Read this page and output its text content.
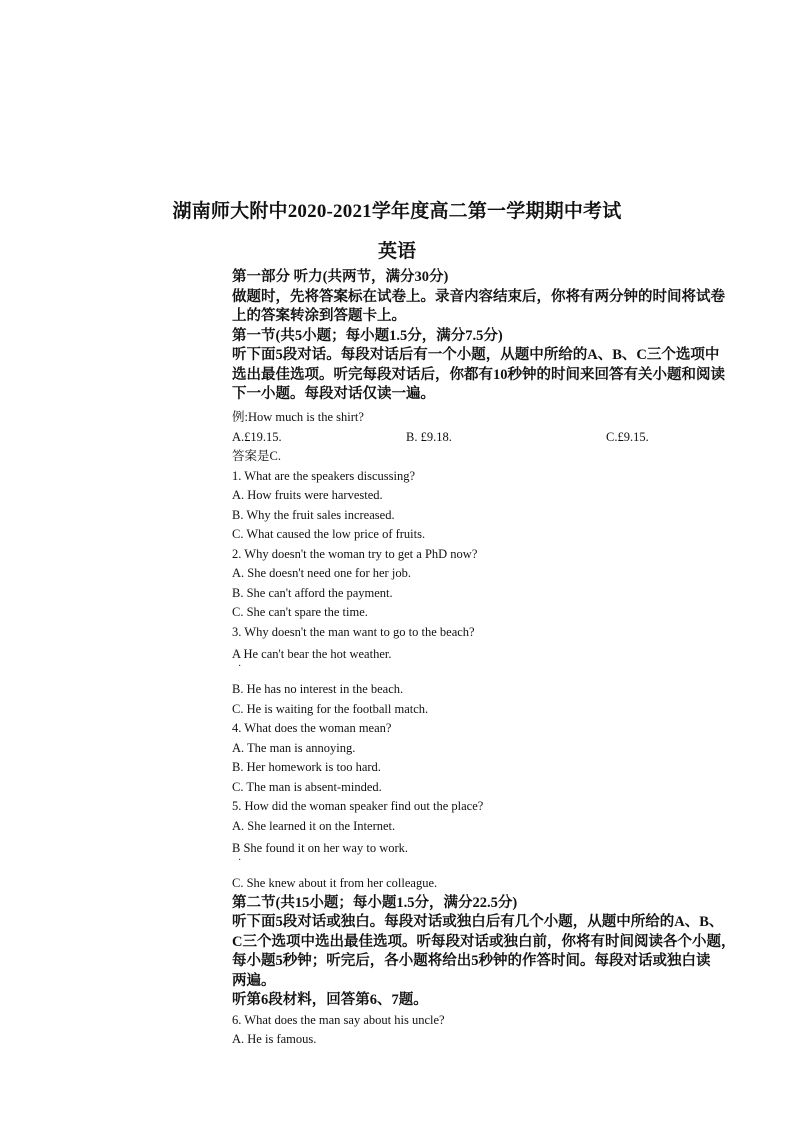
湖南师大附中2020-2021学年度高二第一学期期中考试
英语

第一部分 听力(共两节，满分30分)

做题时，先将答案标在试卷上。录音内容结束后，你将有两分钟的时间将试卷

上的答案转涂到答题卡上。

第一节(共5小题；每小题1.5分，满分7.5分)

听下面5段对话。每段对话后有一个小题，从题中所给的A、B、C三个选项中

选出最佳选项。听完每段对话后，你都有10秒钟的时间来回答有关小题和阅读

下一小题。每段对话仅读一遍。

例:How much is the shirt?

A.£19.15.	B. £9.18.	C.£9.15.

答案是C.

1. What are the speakers discussing?

A. How fruits were harvested.

B. Why the fruit sales increased.

C. What caused the low price of fruits.

2. Why doesn't the woman try to get a PhD now?

A. She doesn't need one for her job.

B. She can't afford the payment.

C. She can't spare the time.

3. Why doesn't the man want to go to the beach?

A He can't bear the hot weather.
·

B. He has no interest in the beach.

C. He is waiting for the football match.

4. What does the woman mean?

A. The man is annoying.

B. Her homework is too hard.

C. The man is absent-minded.

5. How did the woman speaker find out the place?

A. She learned it on the Internet.

B She found it on her way to work.
·

C. She knew about it from her colleague.

第二节(共15小题；每小题1.5分，满分22.5分)

听下面5段对话或独白。每段对话或独白后有几个小题，从题中所给的A、B、

C三个选项中选出最佳选项。听每段对话或独白前，你将有时间阅读各个小题，

每小题5秒钟；听完后，各小题将给出5秒钟的作答时间。每段对话或独白读

两遍。

听第6段材料，回答第6、7题。

6. What does the man say about his uncle?

A. He is famous.
